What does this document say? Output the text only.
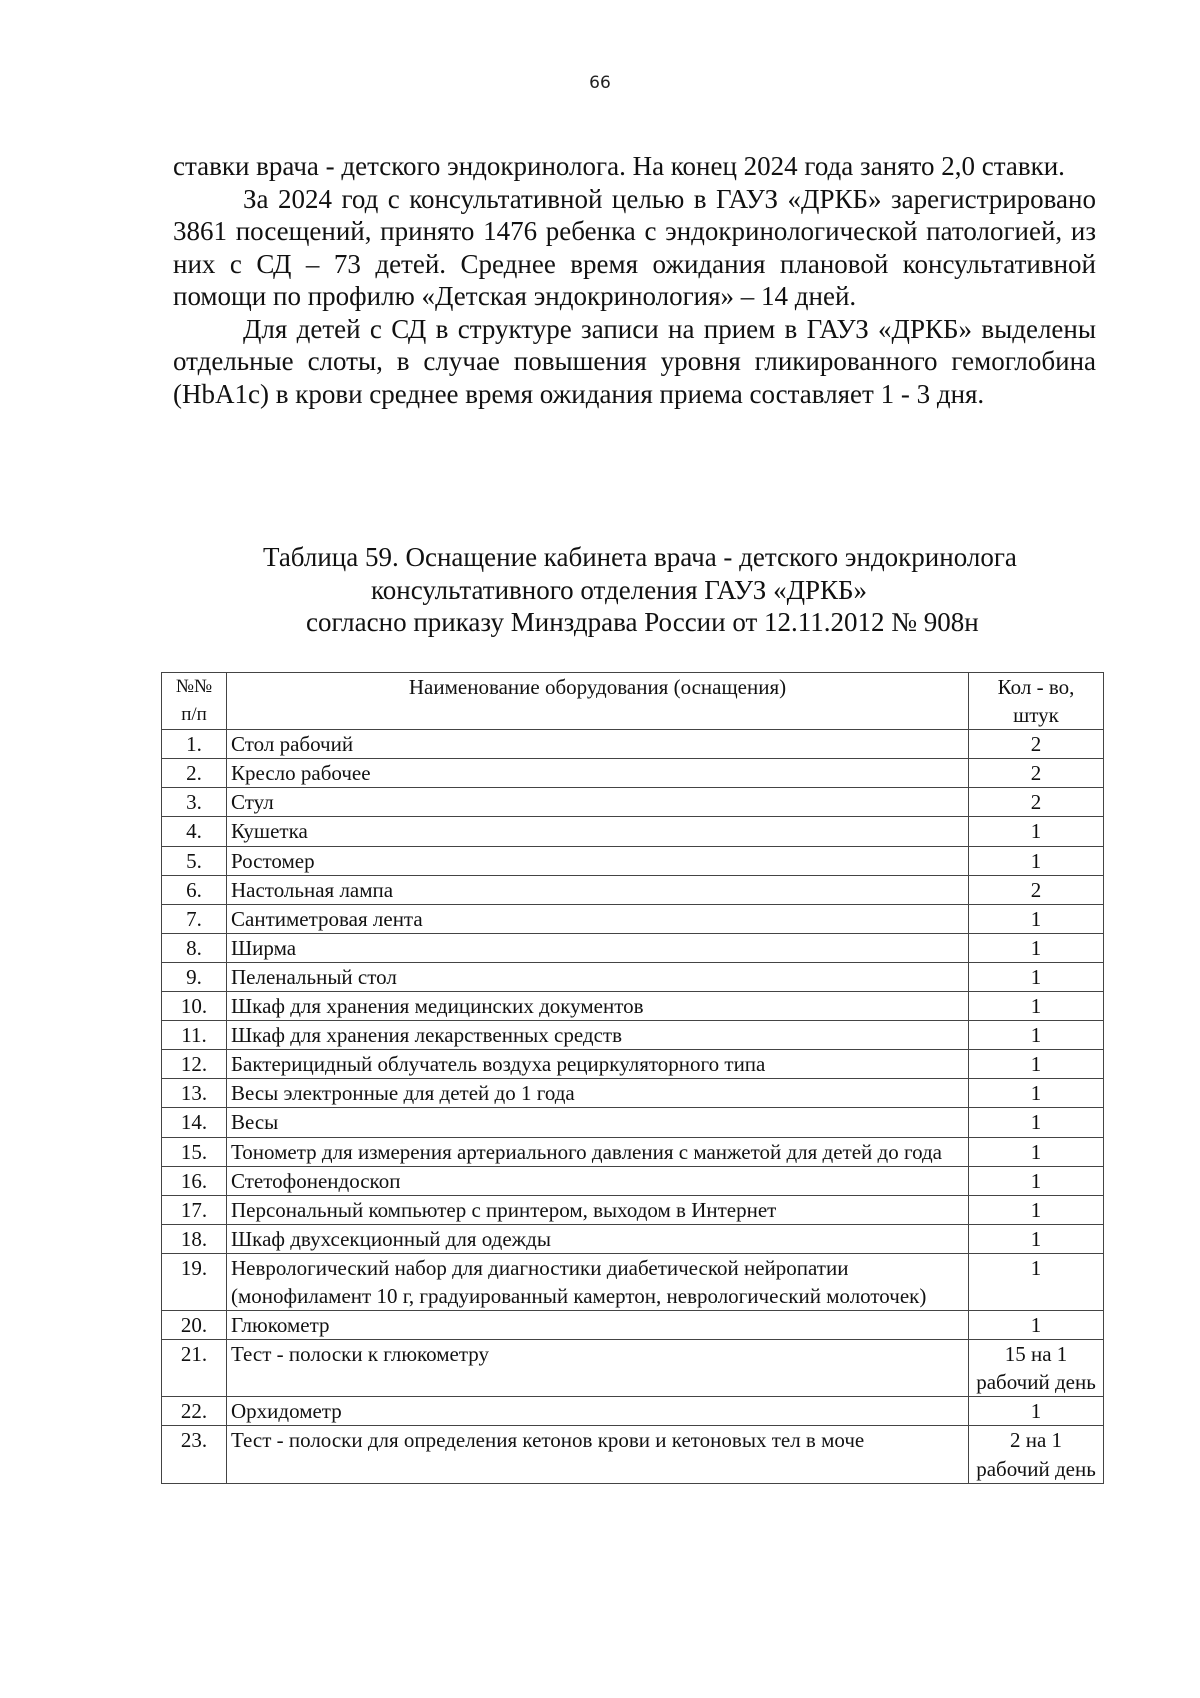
66

ставки врача - детского эндокринолога. На конец 2024 года занято 2,0 ставки.

За 2024 год с консультативной целью в ГАУЗ «ДРКБ» зарегистрировано 3861 посещений, принято 1476 ребенка с эндокринологической патологией, из них с СД – 73 детей. Среднее время ожидания плановой консультативной помощи по профилю «Детская эндокринология» – 14 дней.

Для детей с СД в структуре записи на прием в ГАУЗ «ДРКБ» выделены отдельные слоты, в случае повышения уровня гликированного гемоглобина (HbA1c) в крови среднее время ожидания приема составляет 1 - 3 дня.

Таблица 59. Оснащение кабинета врача - детского эндокринолога
консультативного отделения ГАУЗ «ДРКБ»
согласно приказу Минздрава России от 12.11.2012 № 908н
№№ п/п	Наименование оборудования (оснащения)	Кол - во, штук
1.	Стол рабочий	2
2.	Кресло рабочее	2
3.	Стул	2
4.	Кушетка	1
5.	Ростомер	1
6.	Настольная лампа	2
7.	Сантиметровая лента	1
8.	Ширма	1
9.	Пеленальный стол	1
10.	Шкаф для хранения медицинских документов	1
11.	Шкаф для хранения лекарственных средств	1
12.	Бактерицидный облучатель воздуха рециркуляторного типа	1
13.	Весы электронные для детей до 1 года	1
14.	Весы	1
15.	Тонометр для измерения артериального давления с манжетой для детей до года	1
16.	Стетофонендоскоп	1
17.	Персональный компьютер с принтером, выходом в Интернет	1
18.	Шкаф двухсекционный для одежды	1
19.	Неврологический набор для диагностики диабетической нейропатии (монофиламент 10 г, градуированный камертон, неврологический молоточек)	1
20.	Глюкометр	1
21.	Тест - полоски к глюкометру	15 на 1 рабочий день
22.	Орхидометр	1
23.	Тест - полоски для определения кетонов крови и кетоновых тел в моче	2 на 1 рабочий день
